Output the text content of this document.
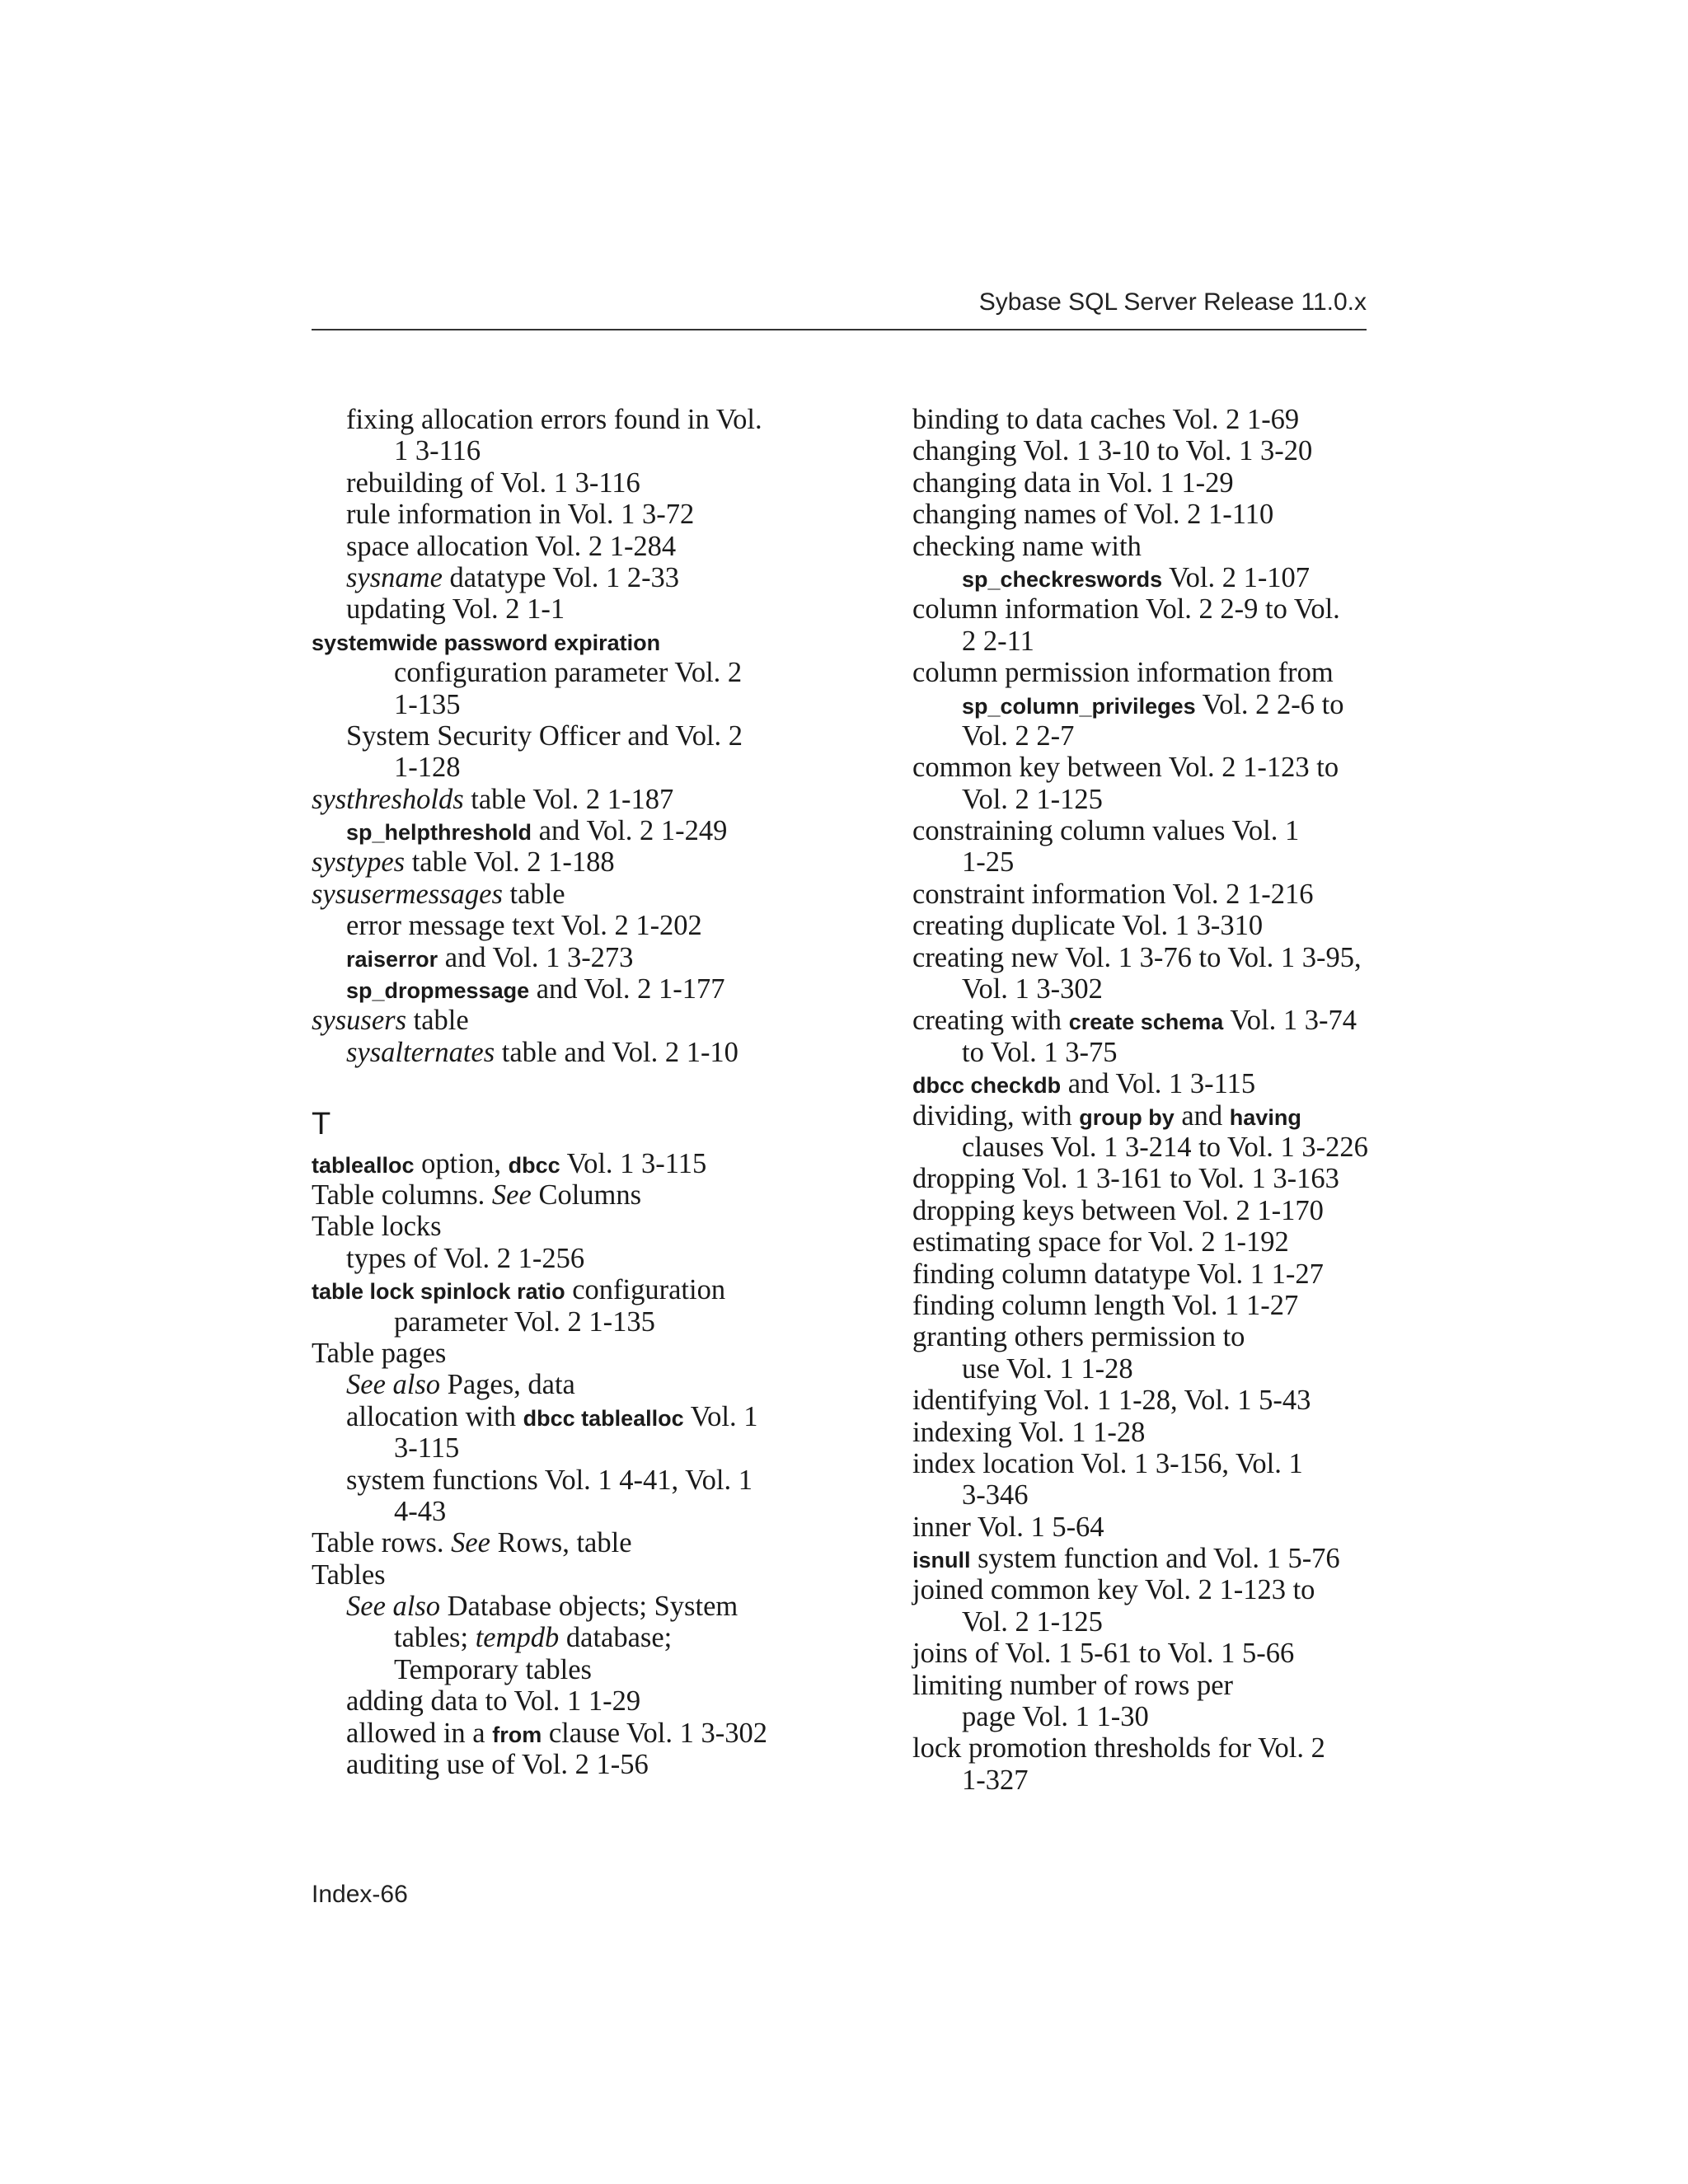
Sybase SQL Server Release 11.0.x
fixing allocation errors found in Vol.
1 3-116
rebuilding of Vol. 1 3-116
rule information in Vol. 1 3-72
space allocation Vol. 2 1-284
sysname datatype Vol. 1 2-33
updating Vol. 2 1-1
systemwide password expiration
configuration parameter Vol. 2
1-135
System Security Officer and Vol. 2
1-128
systhresholds table Vol. 2 1-187
sp_helpthreshold and Vol. 2 1-249
systypes table Vol. 2 1-188
sysusermessages table
error message text Vol. 2 1-202
raiserror and Vol. 1 3-273
sp_dropmessage and Vol. 2 1-177
sysusers table
sysalternates table and Vol. 2 1-10
T
tablealloc option, dbcc Vol. 1 3-115
Table columns. See Columns
Table locks
types of Vol. 2 1-256
table lock spinlock ratio configuration
parameter Vol. 2 1-135
Table pages
See also Pages, data
allocation with dbcc tablealloc Vol. 1
3-115
system functions Vol. 1 4-41, Vol. 1
4-43
Table rows. See Rows, table
Tables
See also Database objects; System
tables; tempdb database;
Temporary tables
adding data to Vol. 1 1-29
allowed in a from clause Vol. 1 3-302
auditing use of Vol. 2 1-56
binding to data caches Vol. 2 1-69
changing Vol. 1 3-10 to Vol. 1 3-20
changing data in Vol. 1 1-29
changing names of Vol. 2 1-110
checking name with
sp_checkreswords Vol. 2 1-107
column information Vol. 2 2-9 to Vol.
2 2-11
column permission information from
sp_column_privileges Vol. 2 2-6 to
Vol. 2 2-7
common key between Vol. 2 1-123 to
Vol. 2 1-125
constraining column values Vol. 1
1-25
constraint information Vol. 2 1-216
creating duplicate Vol. 1 3-310
creating new Vol. 1 3-76 to Vol. 1 3-95,
Vol. 1 3-302
creating with create schema Vol. 1 3-74
to Vol. 1 3-75
dbcc checkdb and Vol. 1 3-115
dividing, with group by and having
clauses Vol. 1 3-214 to Vol. 1 3-226
dropping Vol. 1 3-161 to Vol. 1 3-163
dropping keys between Vol. 2 1-170
estimating space for Vol. 2 1-192
finding column datatype Vol. 1 1-27
finding column length Vol. 1 1-27
granting others permission to
use Vol. 1 1-28
identifying Vol. 1 1-28, Vol. 1 5-43
indexing Vol. 1 1-28
index location Vol. 1 3-156, Vol. 1
3-346
inner Vol. 1 5-64
isnull system function and Vol. 1 5-76
joined common key Vol. 2 1-123 to
Vol. 2 1-125
joins of Vol. 1 5-61 to Vol. 1 5-66
limiting number of rows per
page Vol. 1 1-30
lock promotion thresholds for Vol. 2
1-327
Index-66
